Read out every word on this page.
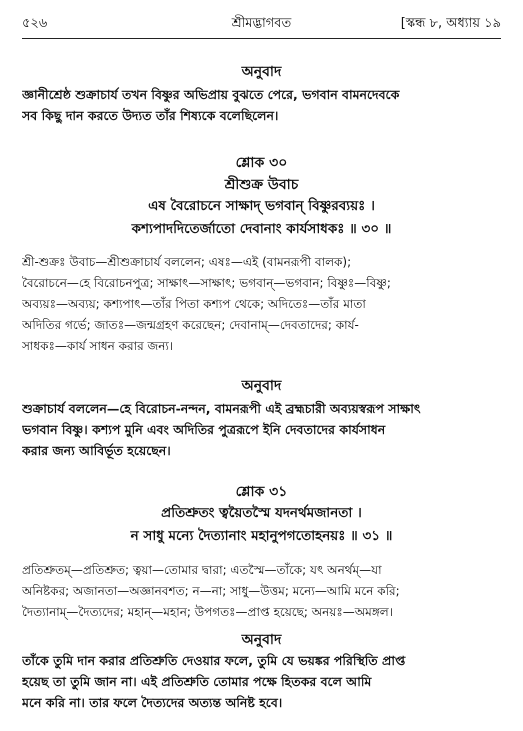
৫২৬	শ্রীমদ্ভাগবত	[স্কন্ধ ৮, অধ্যায় ১৯
অনুবাদ
জ্ঞানীশ্রেষ্ঠ শুক্রাচার্য তখন বিষ্ণুর অভিপ্রায় বুঝতে পেরে, ভগবান বামনদেবকে
সব কিছু দান করতে উদ্যত তাঁর শিষ্যকে বলেছিলেন।
শ্লোক ৩০
শ্রীশুক্র উবাচ
এষ বৈরোচনে সাক্ষাদ্ ভগবান্ বিষ্ণুরব্যয়ঃ ।
কশ্যপাদদিতের্জাতো দেবানাং কার্যসাধকঃ ॥ ৩০ ॥
শ্রী-শুক্রঃ উবাচ—শ্রীশুক্রাচার্য বললেন; এষঃ—এই (বামনরূপী বালক);
বৈরোচনে—হে বিরোচনপুত্র; সাক্ষাৎ—সাক্ষাৎ; ভগবান্—ভগবান; বিষ্ণুঃ—বিষ্ণু;
অব্যয়ঃ—অব্যয়; কশ্যপাৎ—তাঁর পিতা কশ্যপ থেকে; অদিতেঃ—তাঁর মাতা
অদিতির গর্ভে; জাতঃ—জন্মগ্রহণ করেছেন; দেবানাম্—দেবতাদের; কার্য-
সাধকঃ—কার্য সাধন করার জন্য।
অনুবাদ
শুক্রাচার্য বললেন—হে বিরোচন-নন্দন, বামনরূপী এই ব্রহ্মচারী অব্যয়স্বরূপ সাক্ষাৎ
ভগবান বিষ্ণু। কশ্যপ মুনি এবং অদিতির পুত্ররূপে ইনি দেবতাদের কার্যসাধন
করার জন্য আবির্ভূত হয়েছেন।
শ্লোক ৩১
প্রতিশ্রুতং ত্বয়ৈতস্মৈ যদনর্থমজানতা ।
ন সাধু মন্যে দৈত্যানাং মহানুপগতোহনয়ঃ ॥ ৩১ ॥
প্রতিশ্রুতম্—প্রতিশ্রুত; ত্বয়া—তোমার দ্বারা; এতস্মৈ—তাঁকে; যৎ অনর্থম্—যা
অনিষ্টকর; অজানতা—অজ্ঞানবশত; ন—না; সাধু—উত্তম; মন্যে—আমি মনে করি;
দৈত্যানাম্—দৈত্যদের; মহান্—মহান; উপগতঃ—প্রাপ্ত হয়েছে; অনয়ঃ—অমঙ্গল।
অনুবাদ
তাঁকে তুমি দান করার প্রতিশ্রুতি দেওয়ার ফলে, তুমি যে ভয়ঙ্কর পরিস্থিতি প্রাপ্ত
হয়েছ তা তুমি জান না। এই প্রতিশ্রুতি তোমার পক্ষে হিতকর বলে আমি
মনে করি না। তার ফলে দৈত্যদের অত্যন্ত অনিষ্ট হবে।
